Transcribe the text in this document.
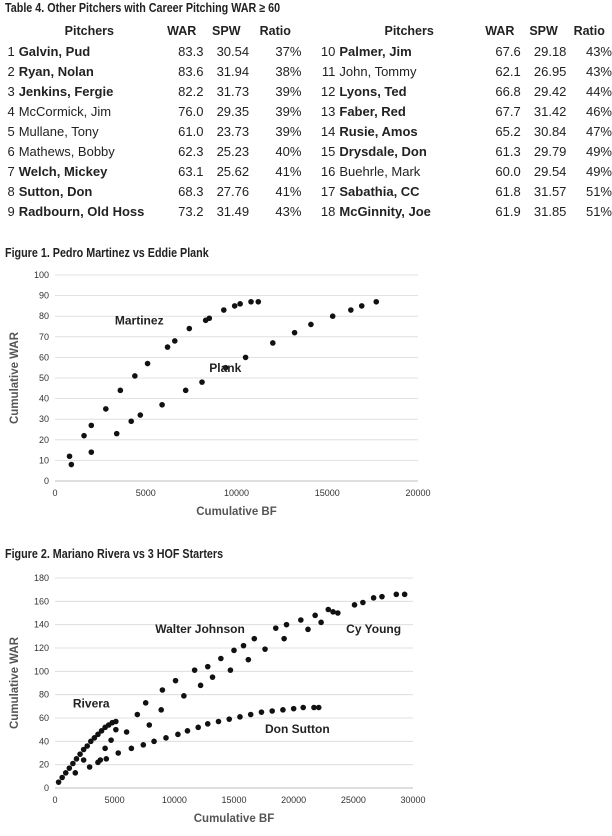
Table 4. Other Pitchers with Career Pitching WAR ≥ 60
	Pitchers	WAR	SPW	Ratio		Pitchers	WAR	SPW	Ratio
1	Galvin, Pud	83.3	30.54	37%	10	Palmer, Jim	67.6	29.18	43%
2	Ryan, Nolan	83.6	31.94	38%	11	John, Tommy	62.1	26.95	43%
3	Jenkins, Fergie	82.2	31.73	39%	12	Lyons, Ted	66.8	29.42	44%
4	McCormick, Jim	76.0	29.35	39%	13	Faber, Red	67.7	31.42	46%
5	Mullane, Tony	61.0	23.73	39%	14	Rusie, Amos	65.2	30.84	47%
6	Mathews, Bobby	62.3	25.23	40%	15	Drysdale, Don	61.3	29.79	49%
7	Welch, Mickey	63.1	25.62	41%	16	Buehrle, Mark	60.0	29.54	49%
8	Sutton, Don	68.3	27.76	41%	17	Sabathia, CC	61.8	31.57	51%
9	Radbourn, Old Hoss	73.2	31.49	43%	18	McGinnity, Joe	61.9	31.85	51%
Figure 1. Pedro Martinez vs Eddie Plank
0
10
20
30
40
50
60
70
80
90
100
0	5000	10000	15000	20000
Cumulative BF
Cumulative WAR
Martinez
Plank
Figure 2. Mariano Rivera vs 3 HOF Starters
0
20
40
60
80
100
120
140
160
180
0	5000	10000	15000	20000	25000	30000
Cumulative BF
Cumulative WAR
Walter Johnson	Cy Young
Rivera
Don Sutton
